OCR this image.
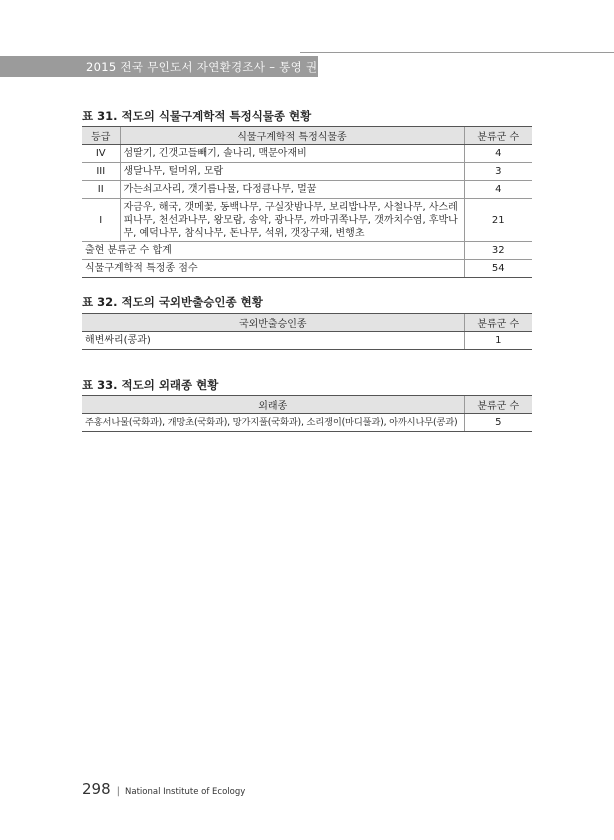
2015 전국 무인도서 자연환경조사 – 통영 권역
표 31. 적도의 식물구계학적 특정식물종 현황
등급	식물구계학적 특정식물종	분류군 수
IV	섬딸기, 긴갯고들빼기, 솔나리, 맥문아재비	4
III	생달나무, 털머위, 모람	3
II	가는쇠고사리, 갯기름나물, 다정큼나무, 멀꿀	4
I	자금우, 해국, 갯메꽃, 동백나무, 구실잣밤나무, 보리밥나무, 사철나무, 사스레피나무, 천선과나무, 왕모람, 송악, 광나무, 까마귀쪽나무, 갯까치수염, 후박나무, 예덕나무, 참식나무, 돈나무, 석위, 갯장구채, 변행초	21
출현 분류군 수 합계		32
식물구계학적 특정종 점수		54
표 32. 적도의 국외반출승인종 현황
국외반출승인종	분류군 수
해변싸리(콩과)	1
표 33. 적도의 외래종 현황
외래종	분류군 수
주홍서나물(국화과), 개망초(국화과), 망가지풀(국화과), 소리쟁이(마디풀과), 아까시나무(콩과)	5
298 | National Institute of Ecology
